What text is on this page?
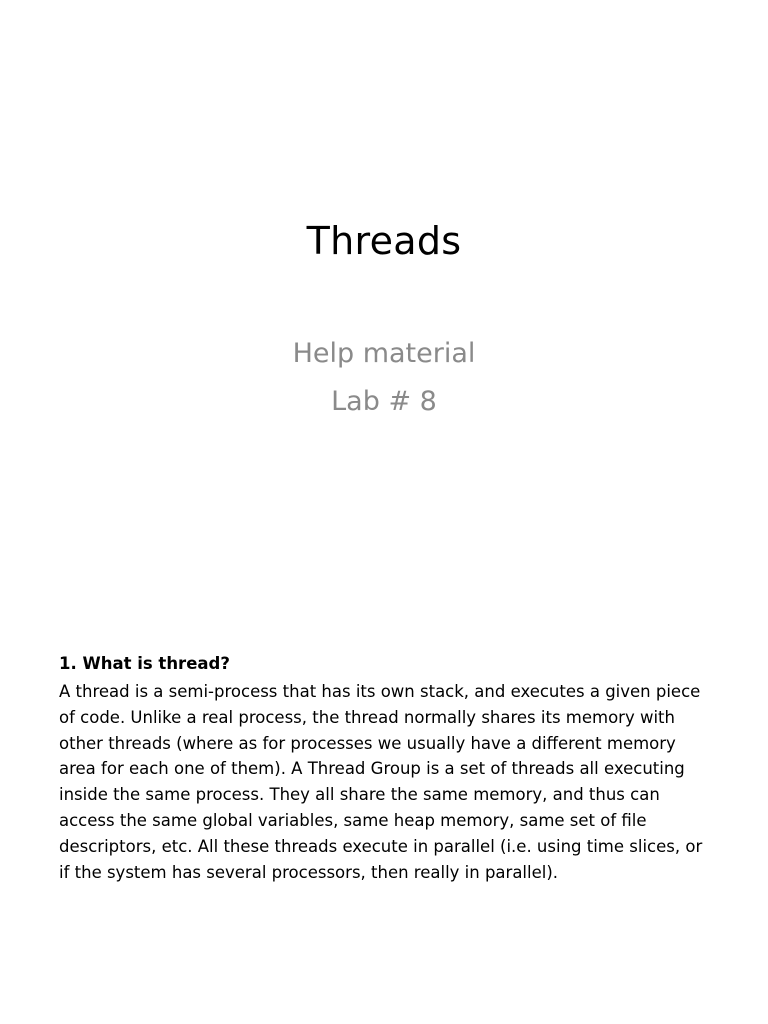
Threads
Help material
Lab # 8
1. What is thread?
A thread is a semi-process that has its own stack, and executes a given piece
of code. Unlike a real process, the thread normally shares its memory with
other threads (where as for processes we usually have a different memory
area for each one of them). A Thread Group is a set of threads all executing
inside the same process. They all share the same memory, and thus can
access the same global variables, same heap memory, same set of file
descriptors, etc. All these threads execute in parallel (i.e. using time slices, or
if the system has several processors, then really in parallel).
